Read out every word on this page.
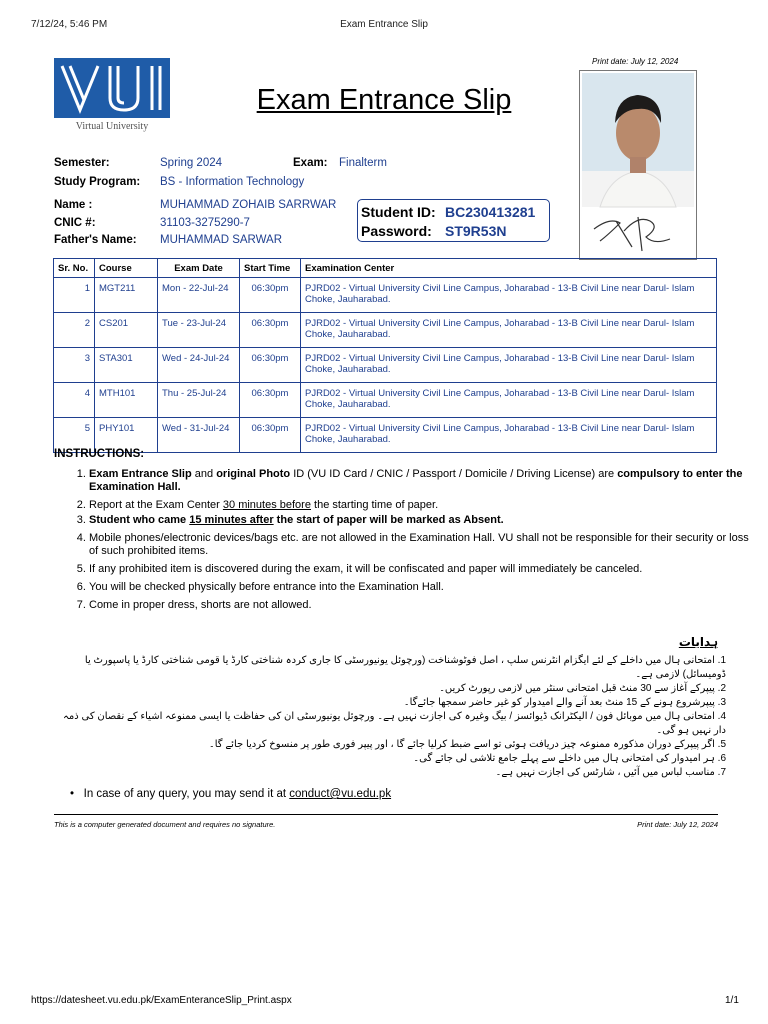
7/12/24, 5:46 PM	Exam Entrance Slip
Virtual University
Exam Entrance Slip
Print date: July 12, 2024
Semester:	Spring 2024	Exam: Finalterm
Study Program: BS - Information Technology
Name :	MUHAMMAD ZOHAIB SARRWAR
CNIC #:	31103-3275290-7
Father's Name: MUHAMMAD SARWAR
Student ID: BC230413281
Password: ST9R53N
Sr. No.	Course	Exam Date	Start Time	Examination Center
1	MGT211	Mon - 22-Jul-24	06:30pm	PJRD02 - Virtual University Civil Line Campus, Joharabad - 13-B Civil Line near Darul- Islam Choke, Jauharabad.
2	CS201	Tue - 23-Jul-24	06:30pm	PJRD02 - Virtual University Civil Line Campus, Joharabad - 13-B Civil Line near Darul- Islam Choke, Jauharabad.
3	STA301	Wed - 24-Jul-24	06:30pm	PJRD02 - Virtual University Civil Line Campus, Joharabad - 13-B Civil Line near Darul- Islam Choke, Jauharabad.
4	MTH101	Thu - 25-Jul-24	06:30pm	PJRD02 - Virtual University Civil Line Campus, Joharabad - 13-B Civil Line near Darul- Islam Choke, Jauharabad.
5	PHY101	Wed - 31-Jul-24	06:30pm	PJRD02 - Virtual University Civil Line Campus, Joharabad - 13-B Civil Line near Darul- Islam Choke, Jauharabad.
INSTRUCTIONS:
1. Exam Entrance Slip and original Photo ID (VU ID Card / CNIC / Passport / Domicile / Driving License) are compulsory to enter the Examination Hall.
2. Report at the Exam Center 30 minutes before the starting time of paper.
3. Student who came 15 minutes after the start of paper will be marked as Absent.
4. Mobile phones/electronic devices/bags etc. are not allowed in the Examination Hall. VU shall not be responsible for their security or loss of such prohibited items.
5. If any prohibited item is discovered during the exam, it will be confiscated and paper will immediately be canceled.
6. You will be checked physically before entrance into the Examination Hall.
7. Come in proper dress, shorts are not allowed.
ہدایات
1. امتحانی ہال میں داخلے کے لئے ایگزام انٹرنس سلپ ، اصل فوٹوشناخت (ورچوئل یونیورسٹی کا جاری کردہ شناختی کارڈ یا قومی شناختی کارڈ یا پاسپورٹ یا ڈومیسائل) لازمی ہے۔
2. پیپرکے آغاز سے 30 منٹ قبل امتحانی سنٹر میں لازمی رپورٹ کریں۔
3. پیپرشروع ہونے کے 15 منٹ بعد آنے والے امیدوار کو غیر حاضر سمجھا جائےگا۔
4. امتحانی ہال میں موبائل فون / الیکٹرانک ڈیوائسز / بیگ وغیرہ کی اجازت نہیں ہے۔ ورچوئل یونیورسٹی ان کی حفاظت یا ایسی ممنوعہ اشیاء کے نقصان کی ذمہ دار نہیں ہو گی۔
5. اگر پیپرکے دوران مذکورہ ممنوعہ چیز دریافت ہوئی تو اسے ضبط کرلیا جائے گا ، اور پیپر فوری طور پر منسوخ کردیا جائے گا۔
6. ہر امیدوار کی امتحانی ہال میں داخلے سے پہلے جامع تلاشی لی جائے گی۔
7. مناسب لباس میں آئیں ، شارٹس کی اجازت نہیں ہے۔
•   In case of any query, you may send it at conduct@vu.edu.pk
This is a computer generated document and requires no signature.	Print date: July 12, 2024
https://datesheet.vu.edu.pk/ExamEnteranceSlip_Print.aspx	1/1
